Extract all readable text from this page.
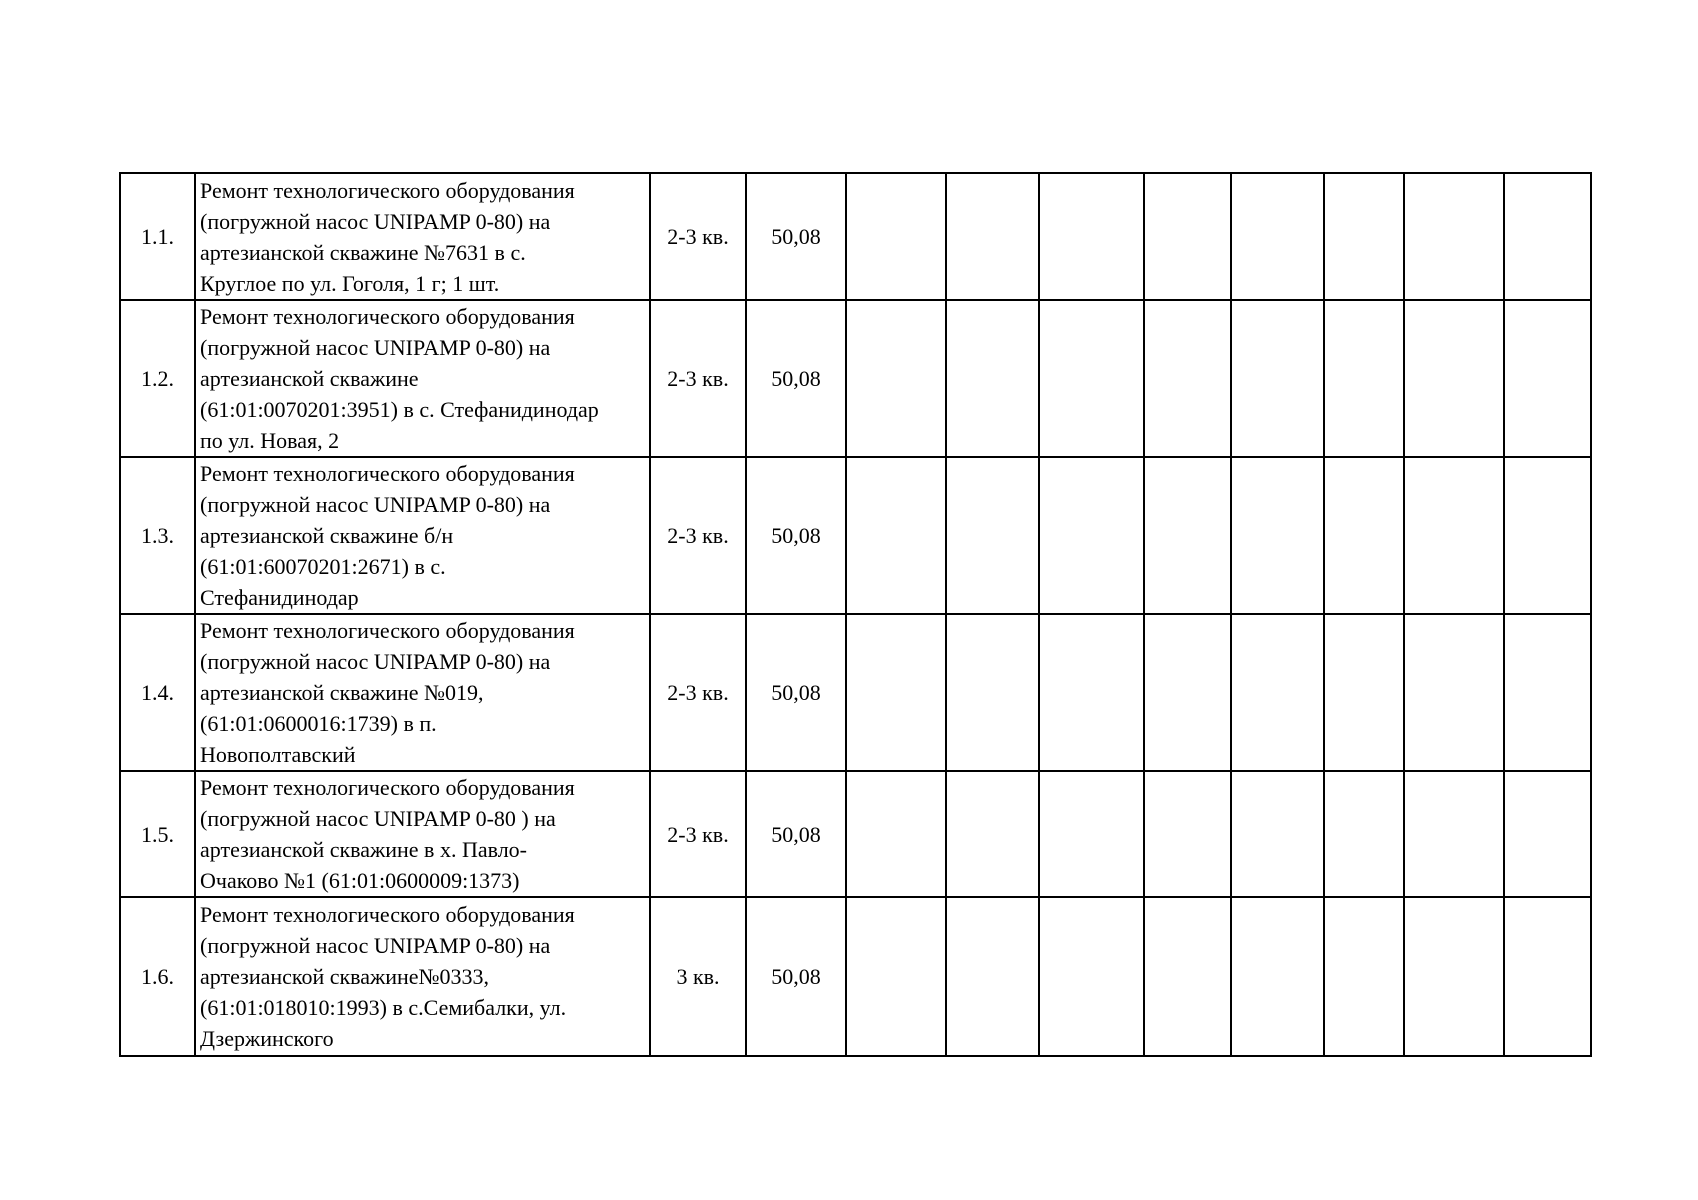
1.1.	Ремонт технологического оборудования
(погружной насос UNIPAMP 0-80) на
артезианской скважине №7631 в с.
Круглое по ул. Гоголя, 1 г; 1 шт.	2-3 кв.	50,08								
1.2.	Ремонт технологического оборудования
(погружной насос UNIPAMP 0-80) на
артезианской скважине
(61:01:0070201:3951) в с. Стефанидинодар
по ул. Новая, 2	2-3 кв.	50,08								
1.3.	Ремонт технологического оборудования
(погружной насос UNIPAMP 0-80) на
артезианской скважине б/н
(61:01:60070201:2671) в с.
Стефанидинодар	2-3 кв.	50,08								
1.4.	Ремонт технологического оборудования
(погружной насос UNIPAMP 0-80) на
артезианской скважине №019,
(61:01:0600016:1739) в п.
Новополтавский	2-3 кв.	50,08								
1.5.	Ремонт технологического оборудования
(погружной насос UNIPAMP 0-80 ) на
артезианской скважине в х. Павло-
Очаково №1 (61:01:0600009:1373)	2-3 кв.	50,08								
1.6.	Ремонт технологического оборудования
(погружной насос UNIPAMP 0-80) на
артезианской скважине№0333,
(61:01:018010:1993) в с.Семибалки, ул.
Дзержинского	3 кв.	50,08								
